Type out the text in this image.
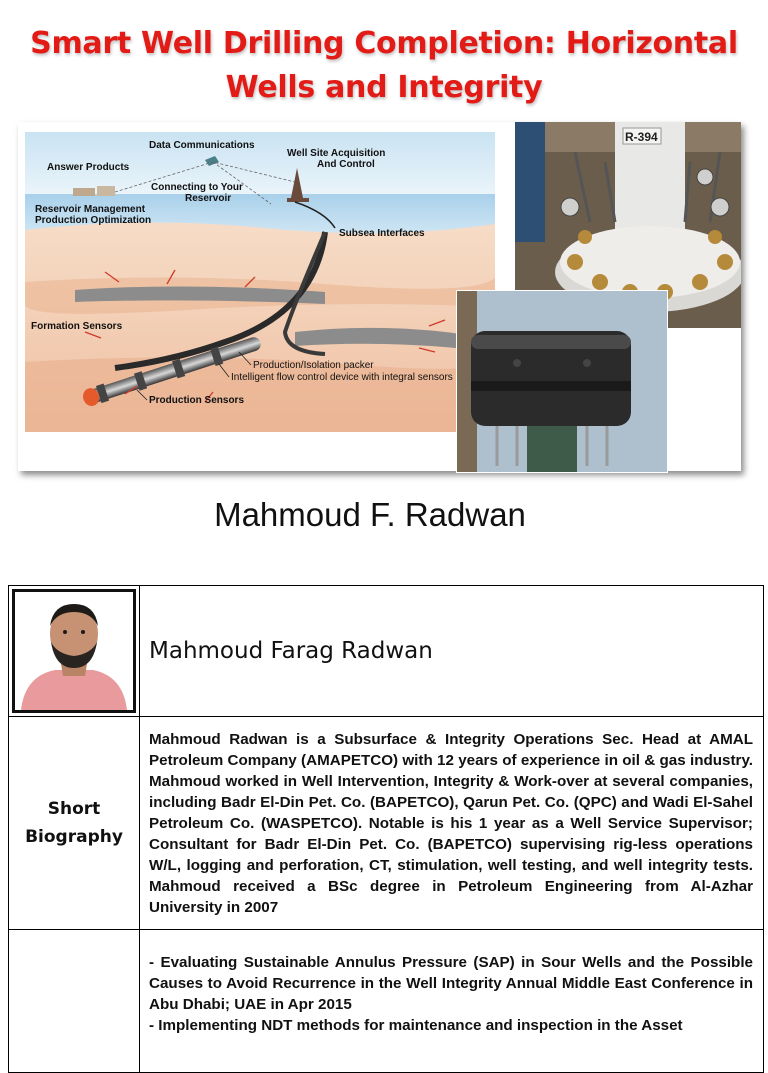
Smart Well Drilling Completion: Horizontal
Wells and Integrity
Data Communications
Well Site Acquisition
And Control
Answer Products
Connecting to Your
Reservoir
Reservoir Management
Production Optimization
Subsea Interfaces
Formation Sensors
Production/Isolation packer
Intelligent flow control device with integral sensors
Production Sensors
R-394
Mahmoud F. Radwan
	Mahmoud Farag Radwan
Short
Biography	Mahmoud Radwan is a Subsurface & Integrity Operations Sec. Head at AMAL Petroleum Company (AMAPETCO) with 12 years of experience in oil & gas industry. Mahmoud worked in Well Intervention, Integrity & Work-over at several companies, including Badr El-Din Pet. Co. (BAPETCO), Qarun Pet. Co. (QPC) and Wadi El-Sahel Petroleum Co. (WASPETCO). Notable is his 1 year as a Well Service Supervisor; Consultant for Badr El-Din Pet. Co. (BAPETCO) supervising rig-less operations W/L, logging and perforation, CT, stimulation, well testing, and well integrity tests. Mahmoud received a BSc degree in Petroleum Engineering from Al-Azhar University in 2007

	- Evaluating Sustainable Annulus Pressure (SAP) in Sour Wells and the Possible Causes to Avoid Recurrence in the Well Integrity Annual Middle East Conference in Abu Dhabi; UAE in Apr 2015
- Implementing NDT methods for maintenance and inspection in the Asset
